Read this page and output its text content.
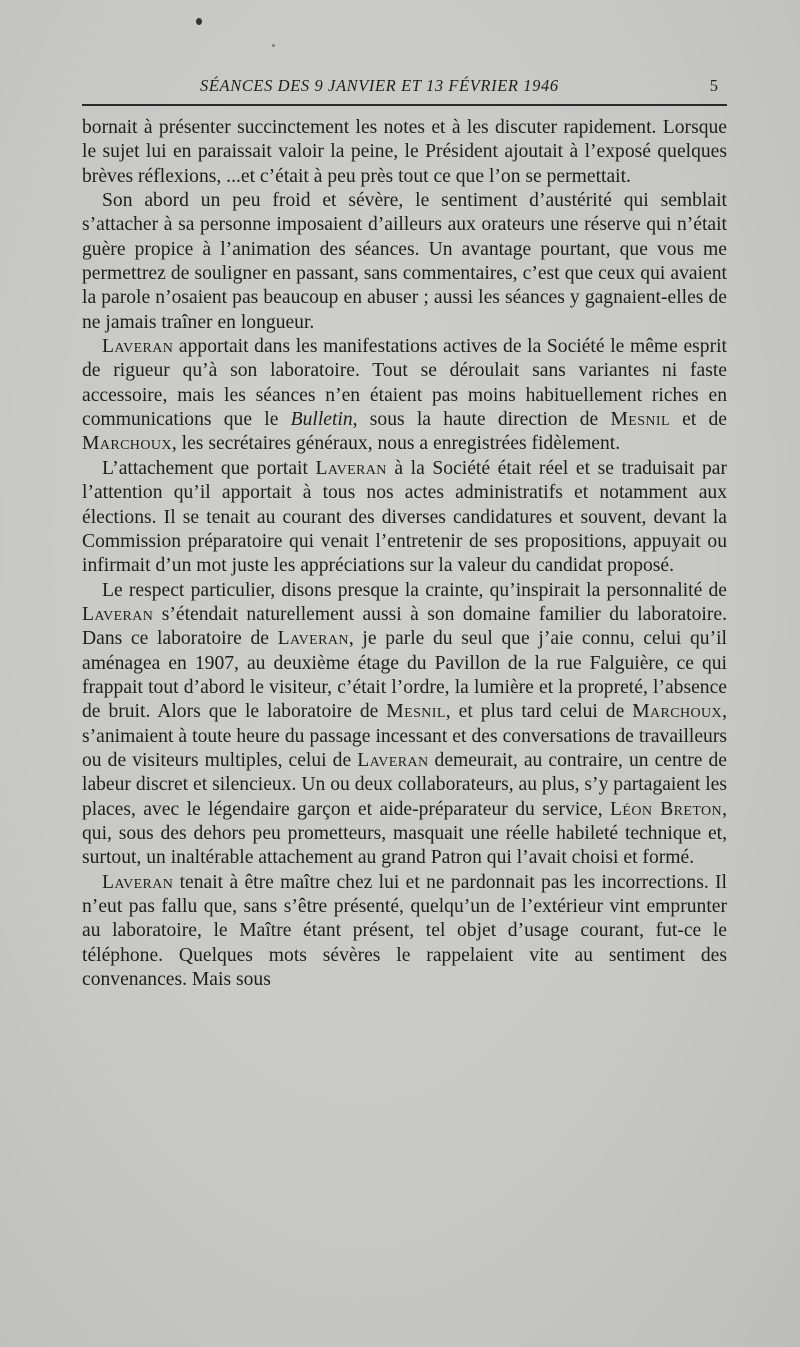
SÉANCES DES 9 JANVIER ET 13 FÉVRIER 1946	5

bornait à présenter succinctement les notes et à les discuter rapidement. Lorsque le sujet lui en paraissait valoir la peine, le Président ajoutait à l’exposé quelques brèves réflexions, ...et c’était à peu près tout ce que l’on se permettait.

Son abord un peu froid et sévère, le sentiment d’austérité qui semblait s’attacher à sa personne imposaient d’ailleurs aux orateurs une réserve qui n’était guère propice à l’animation des séances. Un avantage pourtant, que vous me permettrez de souligner en passant, sans commentaires, c’est que ceux qui avaient la parole n’osaient pas beaucoup en abuser ; aussi les séances y gagnaient-elles de ne jamais traîner en longueur.

Laveran apportait dans les manifestations actives de la Société le même esprit de rigueur qu’à son laboratoire. Tout se déroulait sans variantes ni faste accessoire, mais les séances n’en étaient pas moins habituellement riches en communications que le Bulletin, sous la haute direction de Mesnil et de Marchoux, les secrétaires généraux, nous a enregistrées fidèlement.

L’attachement que portait Laveran à la Société était réel et se traduisait par l’attention qu’il apportait à tous nos actes administratifs et notamment aux élections. Il se tenait au courant des diverses candidatures et souvent, devant la Commission préparatoire qui venait l’entretenir de ses propositions, appuyait ou infirmait d’un mot juste les appréciations sur la valeur du candidat proposé.

Le respect particulier, disons presque la crainte, qu’inspirait la personnalité de Laveran s’étendait naturellement aussi à son domaine familier du laboratoire. Dans ce laboratoire de Laveran, je parle du seul que j’aie connu, celui qu’il aménagea en 1907, au deuxième étage du Pavillon de la rue Falguière, ce qui frappait tout d’abord le visiteur, c’était l’ordre, la lumière et la propreté, l’absence de bruit. Alors que le laboratoire de Mesnil, et plus tard celui de Marchoux, s’animaient à toute heure du passage incessant et des conversations de travailleurs ou de visiteurs multiples, celui de Laveran demeurait, au contraire, un centre de labeur discret et silencieux. Un ou deux collaborateurs, au plus, s’y partagaient les places, avec le légendaire garçon et aide-préparateur du service, Léon Breton, qui, sous des dehors peu prometteurs, masquait une réelle habileté technique et, surtout, un inaltérable attachement au grand Patron qui l’avait choisi et formé.

Laveran tenait à être maître chez lui et ne pardonnait pas les incorrections. Il n’eut pas fallu que, sans s’être présenté, quelqu’un de l’extérieur vint emprunter au laboratoire, le Maître étant présent, tel objet d’usage courant, fut-ce le téléphone. Quelques mots sévères le rappelaient vite au sentiment des convenances. Mais sous
